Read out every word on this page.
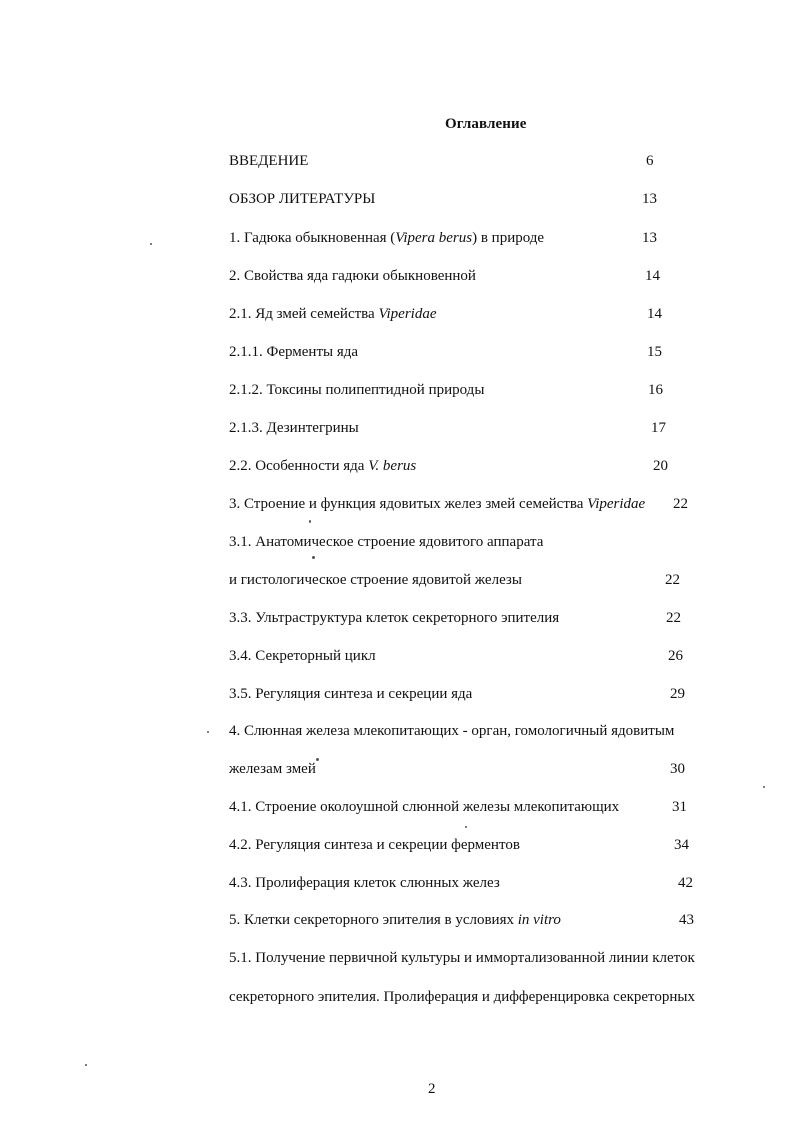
Оглавление
ВВЕДЕНИЕ	6
ОБЗОР ЛИТЕРАТУРЫ	13
1. Гадюка обыкновенная (Vipera berus) в природе	13
2. Свойства яда гадюки обыкновенной	14
2.1. Яд змей семейства Viperidae	14
2.1.1. Ферменты яда	15
2.1.2. Токсины полипептидной природы	16
2.1.3. Дезинтегрины	17
2.2. Особенности яда V. berus	20
3. Строение и функция ядовитых желез змей семейства Viperidae 22
3.1. Анатомическое строение ядовитого аппарата
и гистологическое строение ядовитой железы	22
3.3. Ультраструктура клеток секреторного эпителия	22
3.4. Секреторный цикл	26
3.5. Регуляция синтеза и секреции яда	29
4. Слюнная железа млекопитающих - орган, гомологичный ядовитым
железам змей	30
4.1. Строение околоушной слюнной железы млекопитающих	31
4.2. Регуляция синтеза и секреции ферментов	34
4.3. Пролиферация клеток слюнных желез	42
5. Клетки секреторного эпителия в условиях in vitro	43
5.1. Получение первичной культуры и иммортализованной линии клеток
секреторного эпителия. Пролиферация и дифференцировка секреторных
2
